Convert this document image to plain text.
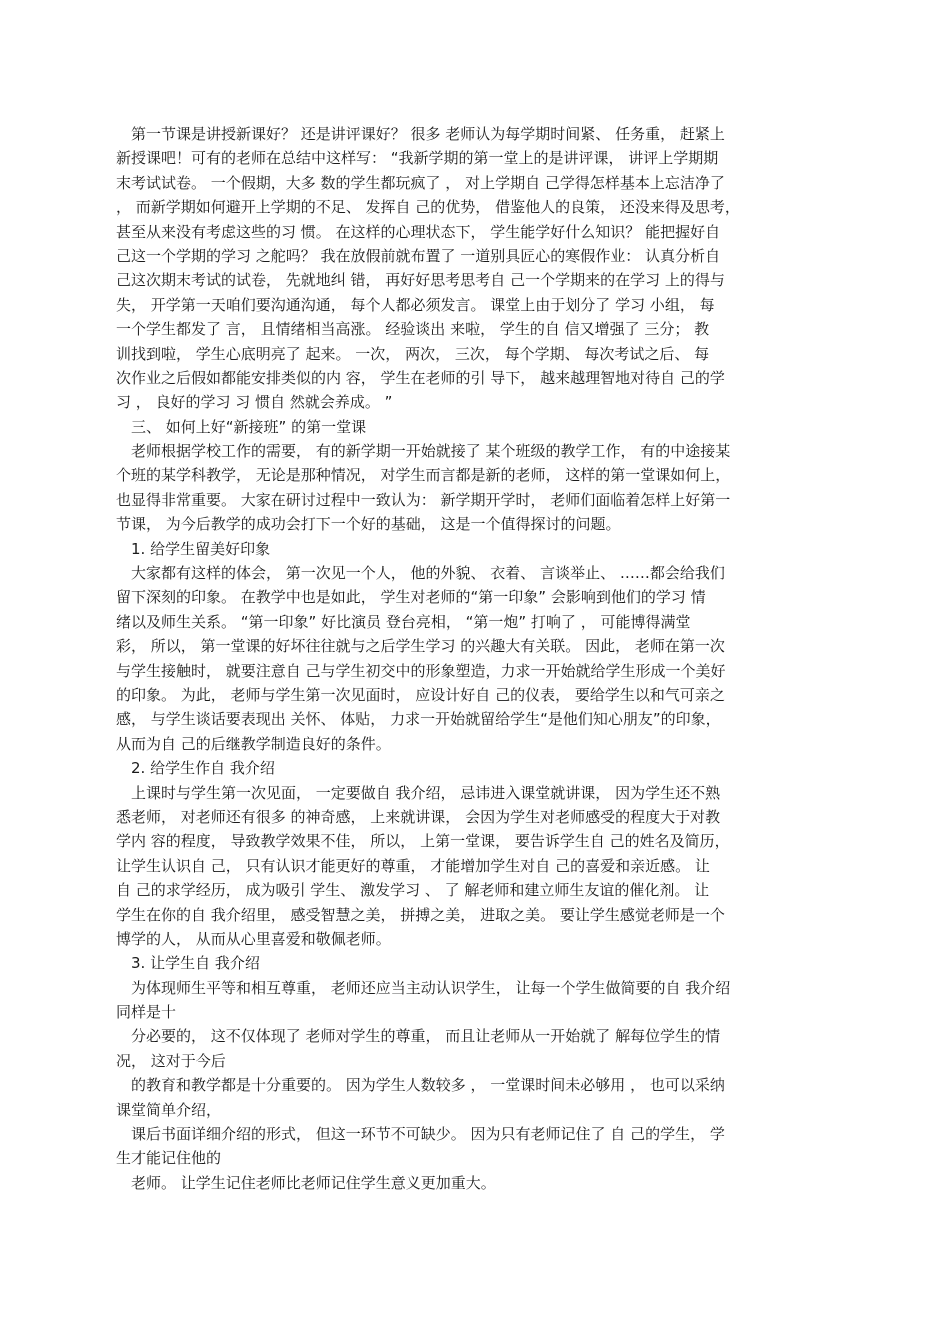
　第一节课是讲授新课好？ 还是讲评课好？ 很多 老师认为每学期时间紧、 任务重， 赶紧上
新授课吧！可有的老师在总结中这样写： “我新学期的第一堂上的是讲评课， 讲评上学期期
末考试试卷。 一个假期，大多 数的学生都玩疯了 ， 对上学期自 己学得怎样基本上忘洁净了
， 而新学期如何避开上学期的不足、 发挥自 己的优势， 借鉴他人的良策， 还没来得及思考，
甚至从来没有考虑这些的习 惯。 在这样的心理状态下， 学生能学好什么知识？ 能把握好自
己这一个学期的学习 之舵吗？ 我在放假前就布置了 一道别具匠心的寒假作业： 认真分析自
己这次期末考试的试卷， 先就地纠 错， 再好好思考思考自 己一个学期来的在学习 上的得与
失， 开学第一天咱们要沟通沟通， 每个人都必须发言。 课堂上由于划分了 学习 小组， 每
一个学生都发了 言， 且情绪相当高涨。 经验谈出 来啦， 学生的自 信又增强了 三分； 教
训找到啦， 学生心底明亮了 起来。 一次， 两次， 三次， 每个学期、 每次考试之后、 每
次作业之后假如都能安排类似的内 容， 学生在老师的引 导下， 越来越理智地对待自 己的学
习 ， 良好的学习 习 惯自 然就会养成。 ”
　三、 如何上好“新接班” 的第一堂课
　老师根据学校工作的需要， 有的新学期一开始就接了 某个班级的教学工作， 有的中途接某
个班的某学科教学， 无论是那种情况， 对学生而言都是新的老师， 这样的第一堂课如何上，
也显得非常重要。 大家在研讨过程中一致认为： 新学期开学时， 老师们面临着怎样上好第一
节课， 为今后教学的成功会打下一个好的基础， 这是一个值得探讨的问题。
　1. 给学生留美好印象
　大家都有这样的体会， 第一次见一个人， 他的外貌、 衣着、 言谈举止、 ……都会给我们
留下深刻的印象。 在教学中也是如此， 学生对老师的“第一印象” 会影响到他们的学习 情
绪以及师生关系。 “第一印象” 好比演员 登台亮相， “第一炮” 打响了 ， 可能博得满堂
彩， 所以， 第一堂课的好坏往往就与之后学生学习 的兴趣大有关联。 因此， 老师在第一次
与学生接触时， 就要注意自 己与学生初交中的形象塑造，力求一开始就给学生形成一个美好
的印象。 为此， 老师与学生第一次见面时， 应设计好自 己的仪表， 要给学生以和气可亲之
感， 与学生谈话要表现出 关怀、 体贴， 力求一开始就留给学生“是他们知心朋友”的印象，
从而为自 己的后继教学制造良好的条件。
　2. 给学生作自 我介绍
　上课时与学生第一次见面， 一定要做自 我介绍， 忌讳进入课堂就讲课， 因为学生还不熟
悉老师， 对老师还有很多 的神奇感， 上来就讲课， 会因为学生对老师感受的程度大于对教
学内 容的程度， 导致教学效果不佳， 所以， 上第一堂课， 要告诉学生自 己的姓名及简历，
让学生认识自 己， 只有认识才能更好的尊重， 才能增加学生对自 己的喜爱和亲近感。 让
自 己的求学经历， 成为吸引 学生、 激发学习 、 了 解老师和建立师生友谊的催化剂。 让
学生在你的自 我介绍里， 感受智慧之美， 拼搏之美， 进取之美。 要让学生感觉老师是一个
博学的人， 从而从心里喜爱和敬佩老师。
　3. 让学生自 我介绍
　为体现师生平等和相互尊重， 老师还应当主动认识学生， 让每一个学生做简要的自 我介绍
同样是十
　分必要的， 这不仅体现了 老师对学生的尊重， 而且让老师从一开始就了 解每位学生的情
况， 这对于今后
　的教育和教学都是十分重要的。 因为学生人数较多 ， 一堂课时间未必够用 ， 也可以采纳
课堂简单介绍，
　课后书面详细介绍的形式， 但这一环节不可缺少。 因为只有老师记住了 自 己的学生， 学
生才能记住他的
　老师。 让学生记住老师比老师记住学生意义更加重大。
